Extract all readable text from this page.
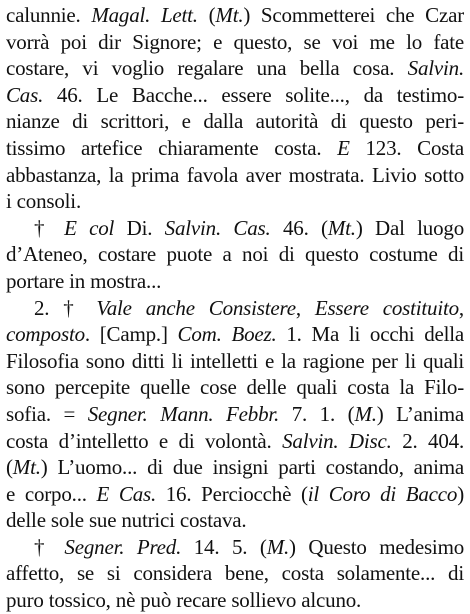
calunnie. Magal. Lett. (Mt.) Scommetterei che Czar
vorrà poi dir Signore; e questo, se voi me lo fate
costare, vi voglio regalare una bella cosa. Salvin.
Cas. 46. Le Bacche... essere solite..., da testimo-
nianze di scrittori, e dalla autorità di questo peri-
tissimo artefice chiaramente costa. E 123. Costa
abbastanza, la prima favola aver mostrata. Livio sotto
i consoli.
† E col Di. Salvin. Cas. 46. (Mt.) Dal luogo
d’Ateneo, costare puote a noi di questo costume di
portare in mostra...
2. † Vale anche Consistere, Essere costituito,
composto. [Camp.] Com. Boez. 1. Ma li occhi della
Filosofia sono ditti li intelletti e la ragione per li quali
sono percepite quelle cose delle quali costa la Filo-
sofia. = Segner. Mann. Febbr. 7. 1. (M.) L’anima
costa d’intelletto e di volontà. Salvin. Disc. 2. 404.
(Mt.) L’uomo... di due insigni parti costando, anima
e corpo... E Cas. 16. Perciocchè (il Coro di Bacco)
delle sole sue nutrici costava.
† Segner. Pred. 14. 5. (M.) Questo medesimo
affetto, se si considera bene, costa solamente... di
puro tossico, nè può recare sollievo alcuno.
